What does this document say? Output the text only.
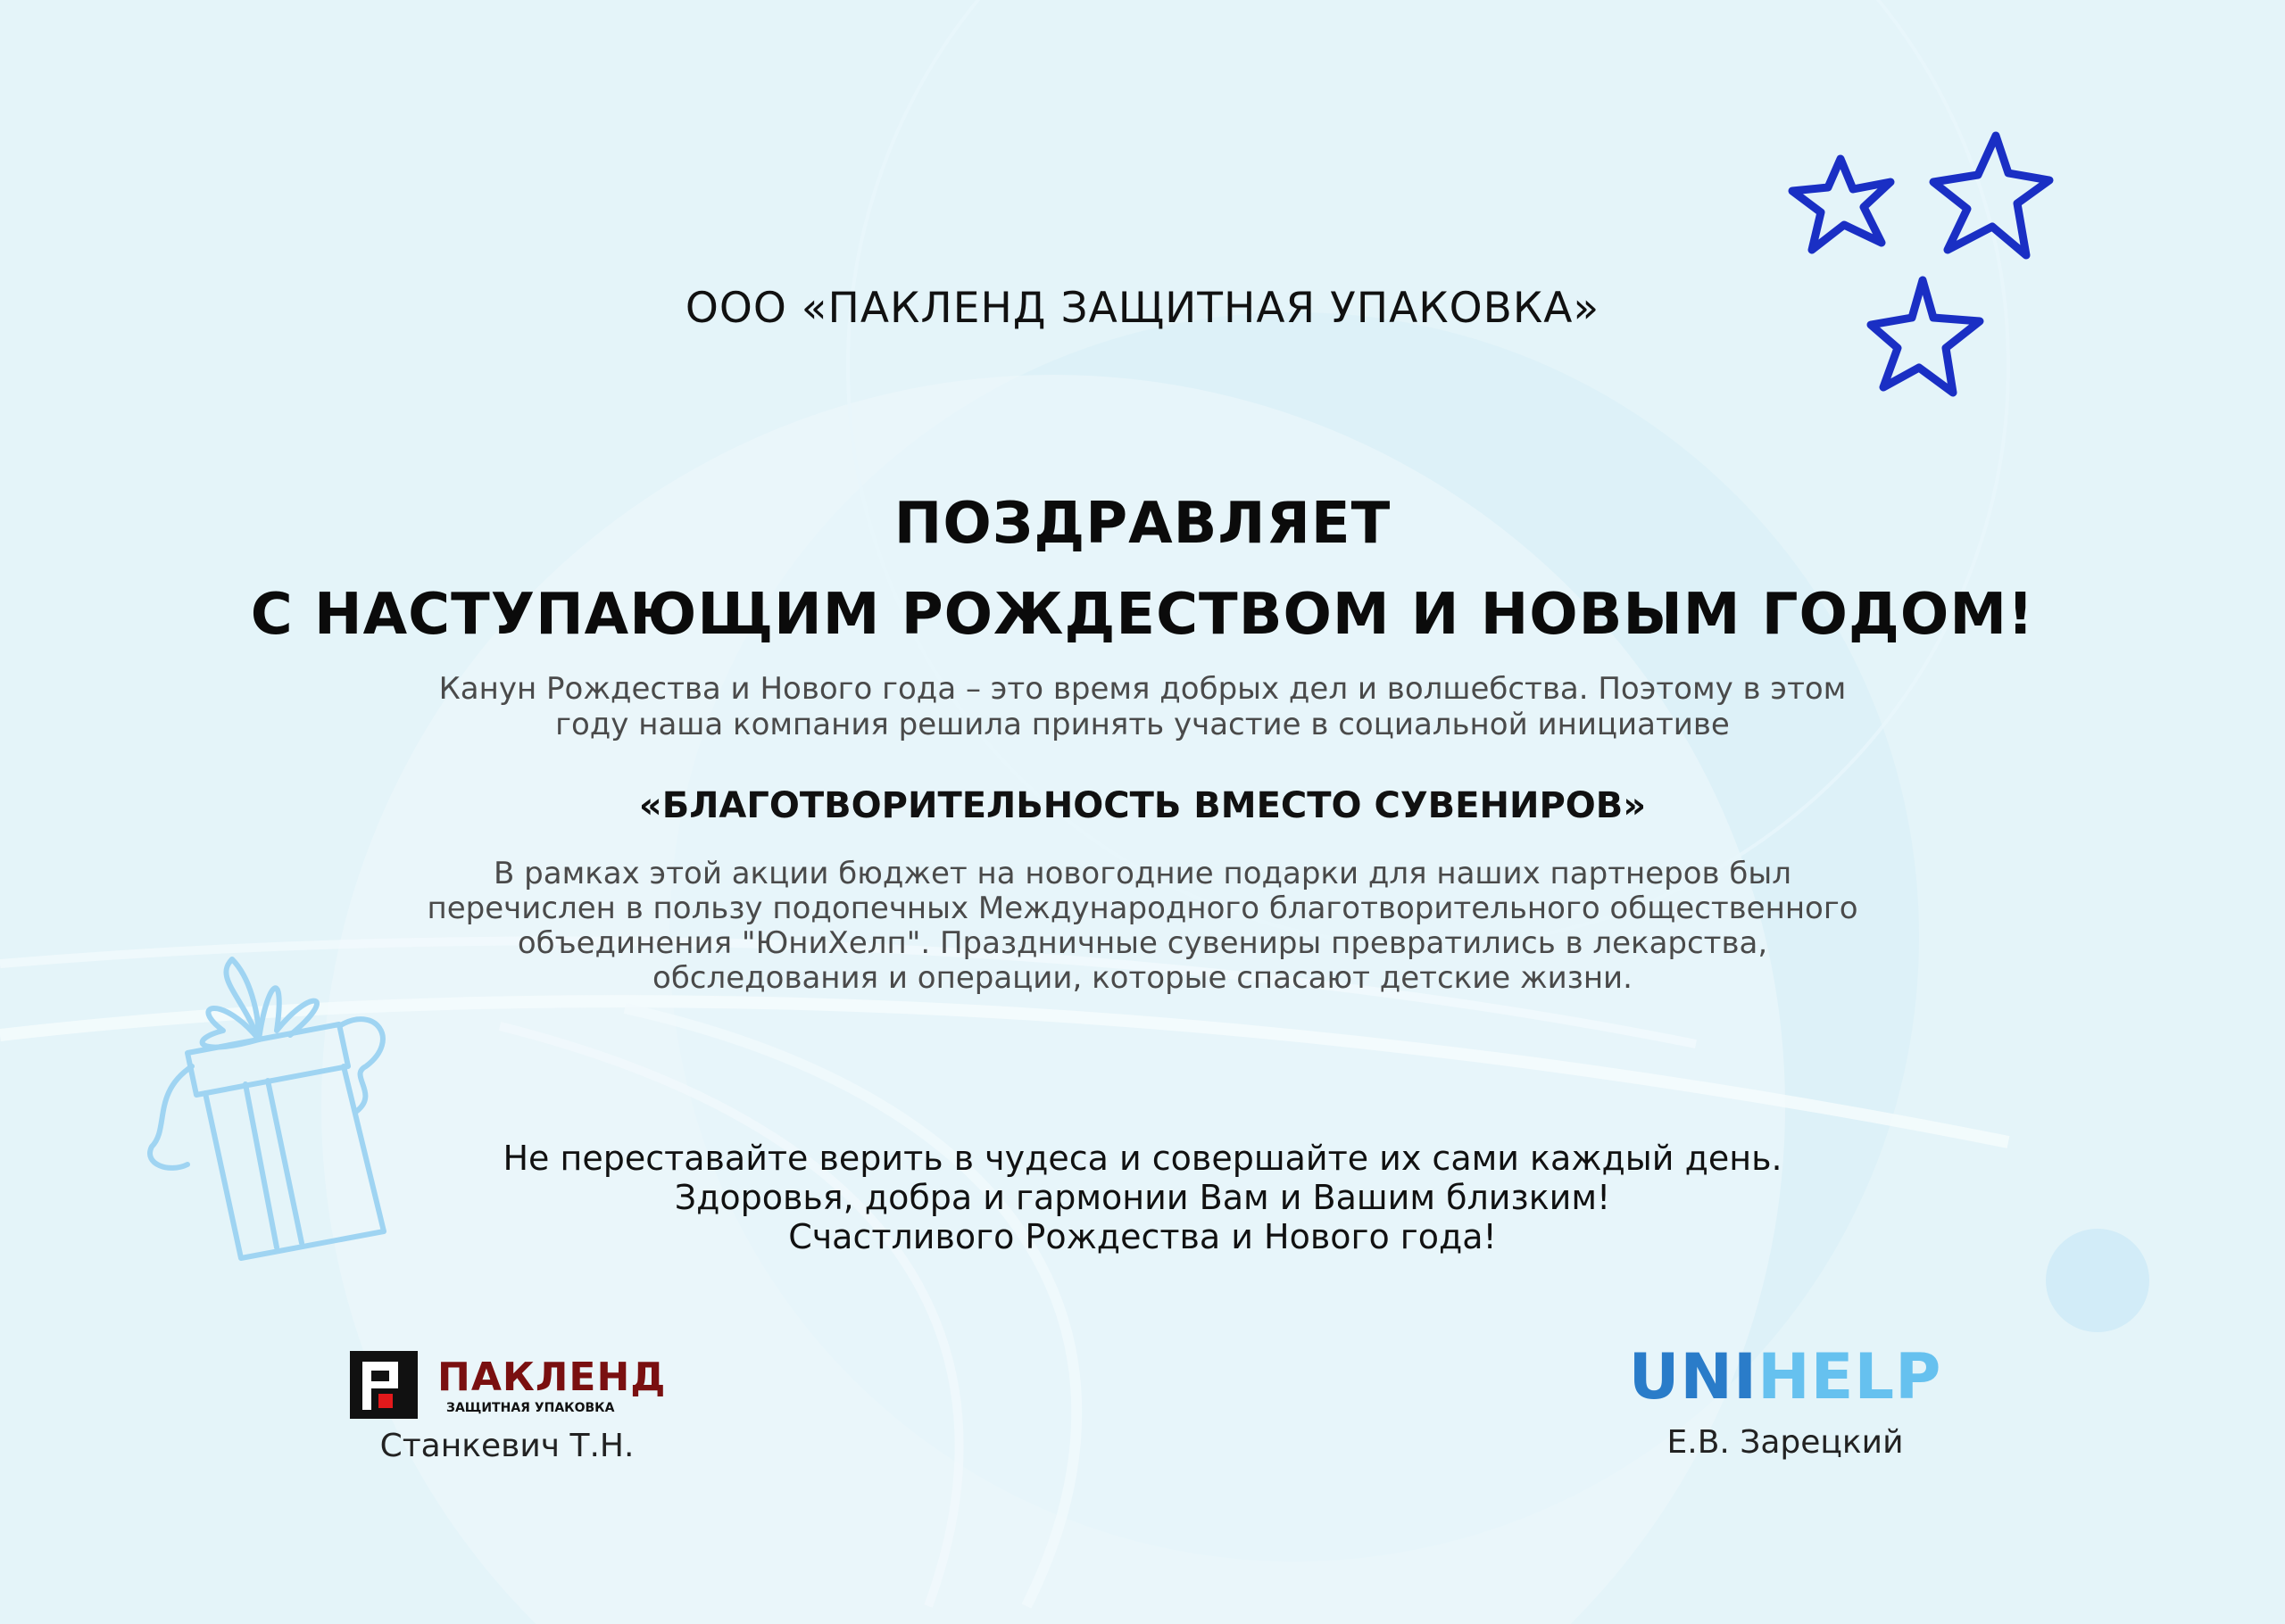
ООО «ПАКЛЕНД ЗАЩИТНАЯ УПАКОВКА»
ПОЗДРАВЛЯЕТ
С НАСТУПАЮЩИМ РОЖДЕСТВОМ И НОВЫМ ГОДОМ!
Канун Рождества и Нового года – это время добрых дел и волшебства. Поэтому в этом
году наша компания решила принять участие в социальной инициативе
«БЛАГОТВОРИТЕЛЬНОСТЬ ВМЕСТО СУВЕНИРОВ»
В рамках этой акции бюджет на новогодние подарки для наших партнеров был
перечислен в пользу подопечных Международного благотворительного общественного
объединения "ЮниХелп". Праздничные сувениры превратились в лекарства,
обследования и операции, которые спасают детские жизни.
Не переставайте верить в чудеса и совершайте их сами каждый день.
Здоровья, добра и гармонии Вам и Вашим близким!
Счастливого Рождества и Нового года!
ПАКЛЕНД
ЗАЩИТНАЯ УПАКОВКА
Станкевич Т.Н.
UNIHELP
Е.В. Зарецкий
